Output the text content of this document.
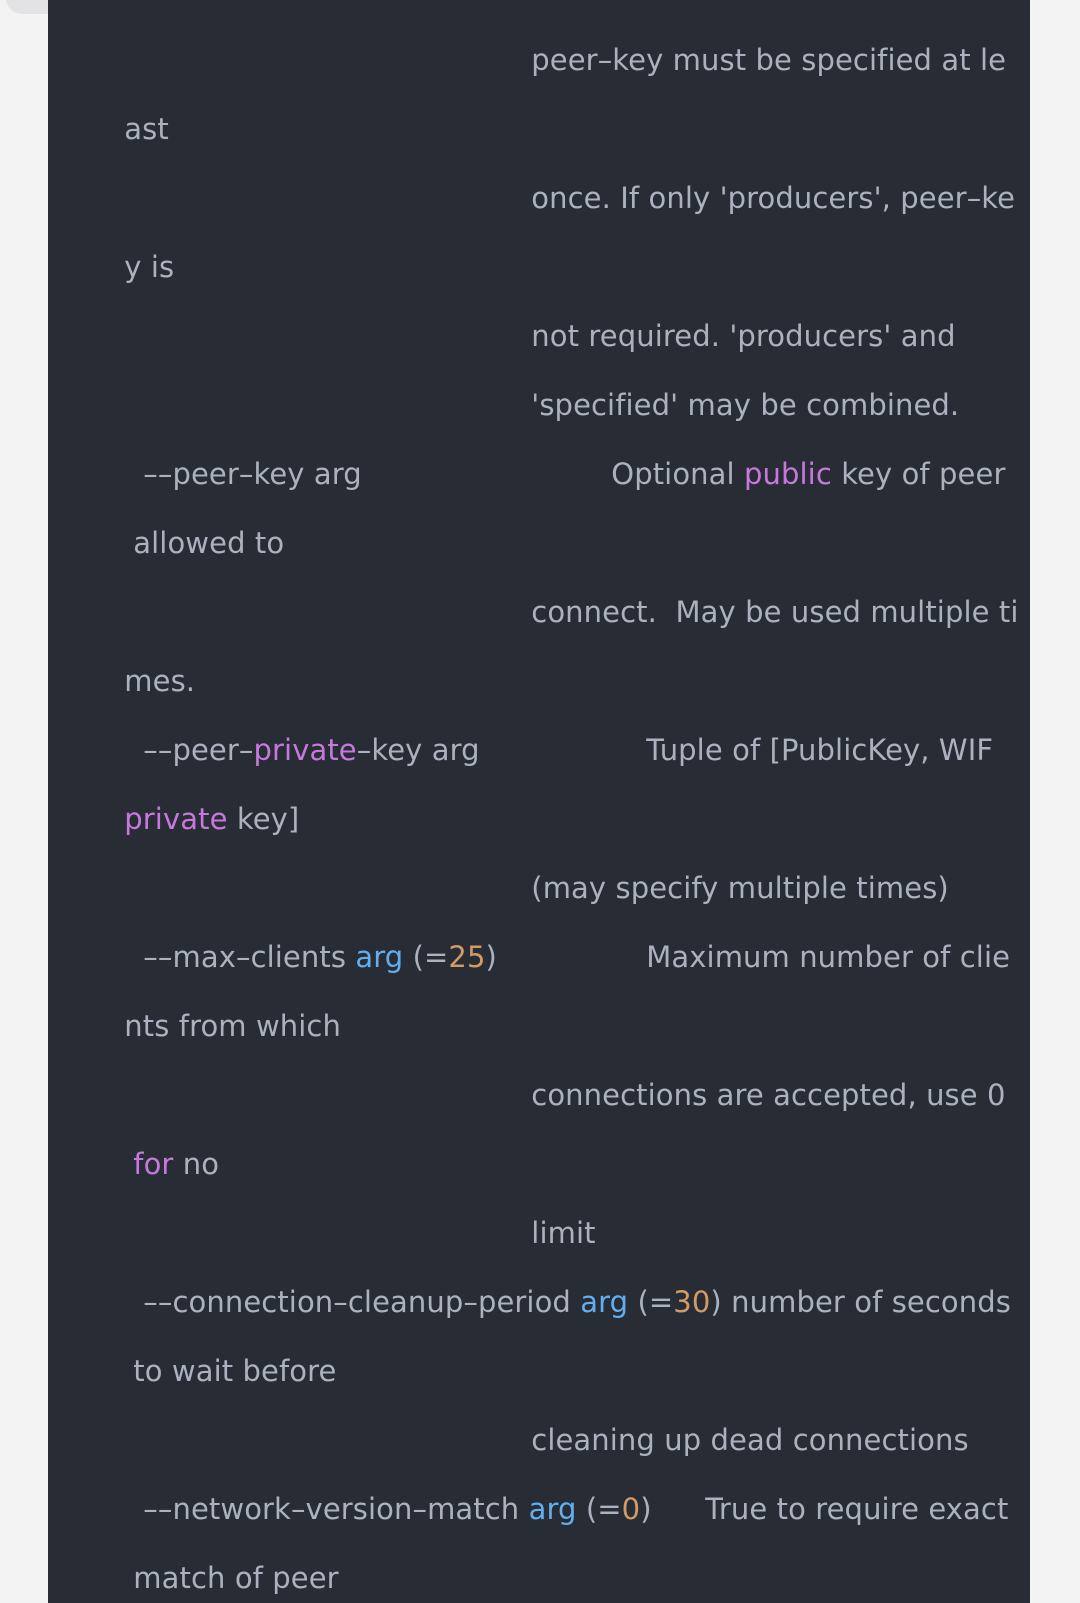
peer–key must be specified at le

ast

once. If only 'producers', peer–ke

y is

not required. 'producers' and

'specified' may be combined.

––peer–key arg
	Optional public key of peer

allowed to

connect.  May be used multiple ti

mes.

––peer–private–key arg
	Tuple of [PublicKey, WIF

private key]

(may specify multiple times)

––max–clients arg (=25)
	Maximum number of clie

nts from which

connections are accepted, use 0

for no

limit

––connection–cleanup–period arg (=30) number of seconds

to wait before

cleaning up dead connections

––network–version–match arg (=0)
	True to require exact

match of peer
